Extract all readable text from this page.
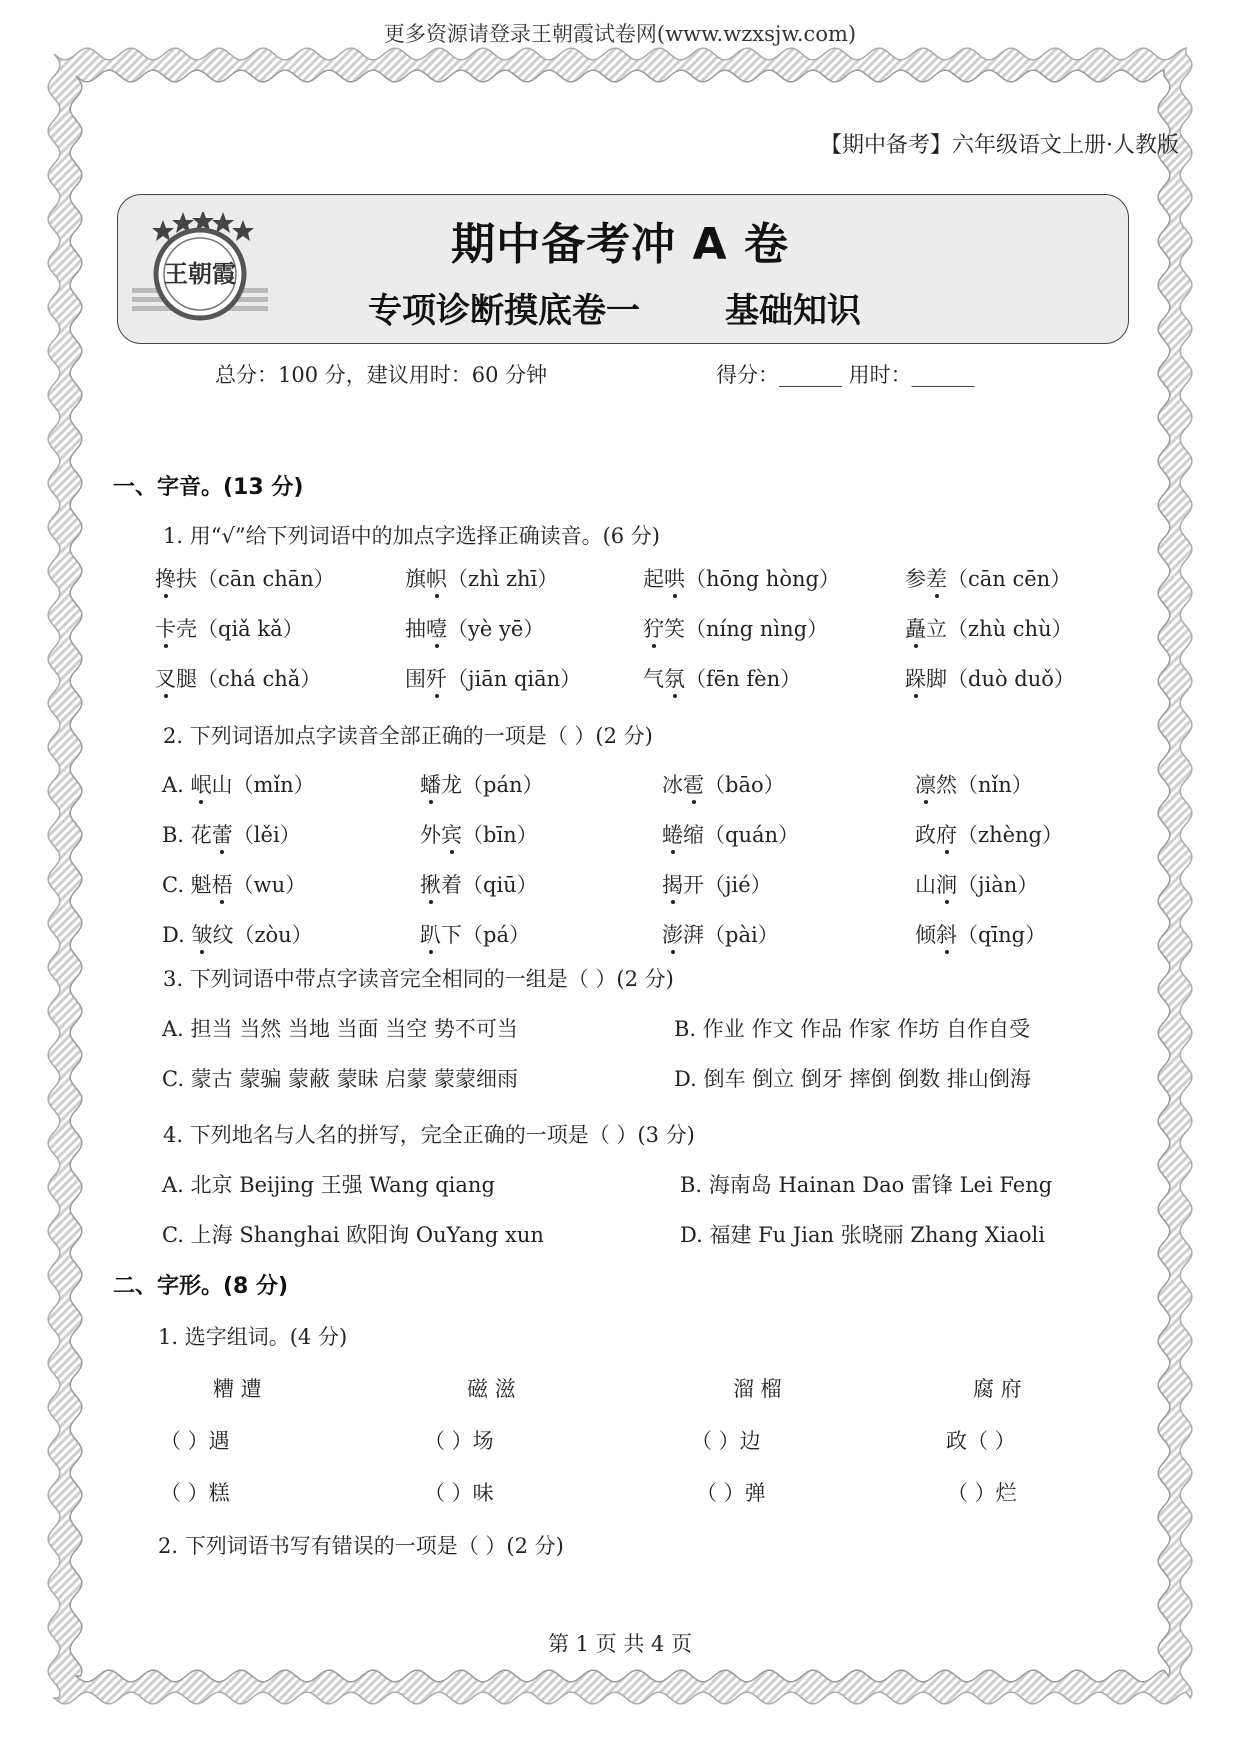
更多资源请登录王朝霞试卷网(www.wzxsjw.com)
【期中备考】六年级语文上册·人教版
王朝霞
期中备考冲 A 卷
专项诊断摸底卷一	基础知识
总分：100 分，建议用时：60 分钟	得分：______ 用时：______
一、字音。(13 分)
1. 用“√”给下列词语中的加点字选择正确读音。(6 分)
搀扶（cān chān）	旗帜（zhì zhī）	起哄（hōng hòng）	参差（cān cēn）
卡壳（qiǎ kǎ）	抽噎（yè yē）	狞笑（níng nìng）	矗立（zhù chù）
叉腿（chá chǎ）	围歼（jiān qiān）	气氛（fēn fèn）	跺脚（duò duǒ）
2. 下列词语加点字读音全部正确的一项是（ ）(2 分)
A. 岷山（mǐn）	蟠龙（pán）	冰雹（bāo）	凛然（nǐn）
B. 花蕾（lěi）	外宾（bīn）	蜷缩（quán）	政府（zhèng）
C. 魁梧（wu）	揪着（qiū）	揭开（jié）	山涧（jiàn）
D. 皱纹（zòu）	趴下（pá）	澎湃（pài）	倾斜（qīng）
3. 下列词语中带点字读音完全相同的一组是（ ）(2 分)
A. 担当 当然 当地 当面 当空 势不可当	B. 作业 作文 作品 作家 作坊 自作自受
C. 蒙古 蒙骗 蒙蔽 蒙昧 启蒙 蒙蒙细雨	D. 倒车 倒立 倒牙 摔倒 倒数 排山倒海
4. 下列地名与人名的拼写，完全正确的一项是（ ）(3 分)
A. 北京 Beijing 王强 Wang qiang	B. 海南岛 Hainan Dao 雷锋 Lei Feng
C. 上海 Shanghai 欧阳询 OuYang xun	D. 福建 Fu Jian 张晓丽 Zhang Xiaoli
二、字形。(8 分)
1. 选字组词。(4 分)
糟 遭	磁 滋	溜 榴	腐 府
（ ）遇	（ ）场	（ ）边	政（ ）
（ ）糕	（ ）味	（ ）弹	（ ）烂
2. 下列词语书写有错误的一项是（ ）(2 分)
第 1 页 共 4 页
